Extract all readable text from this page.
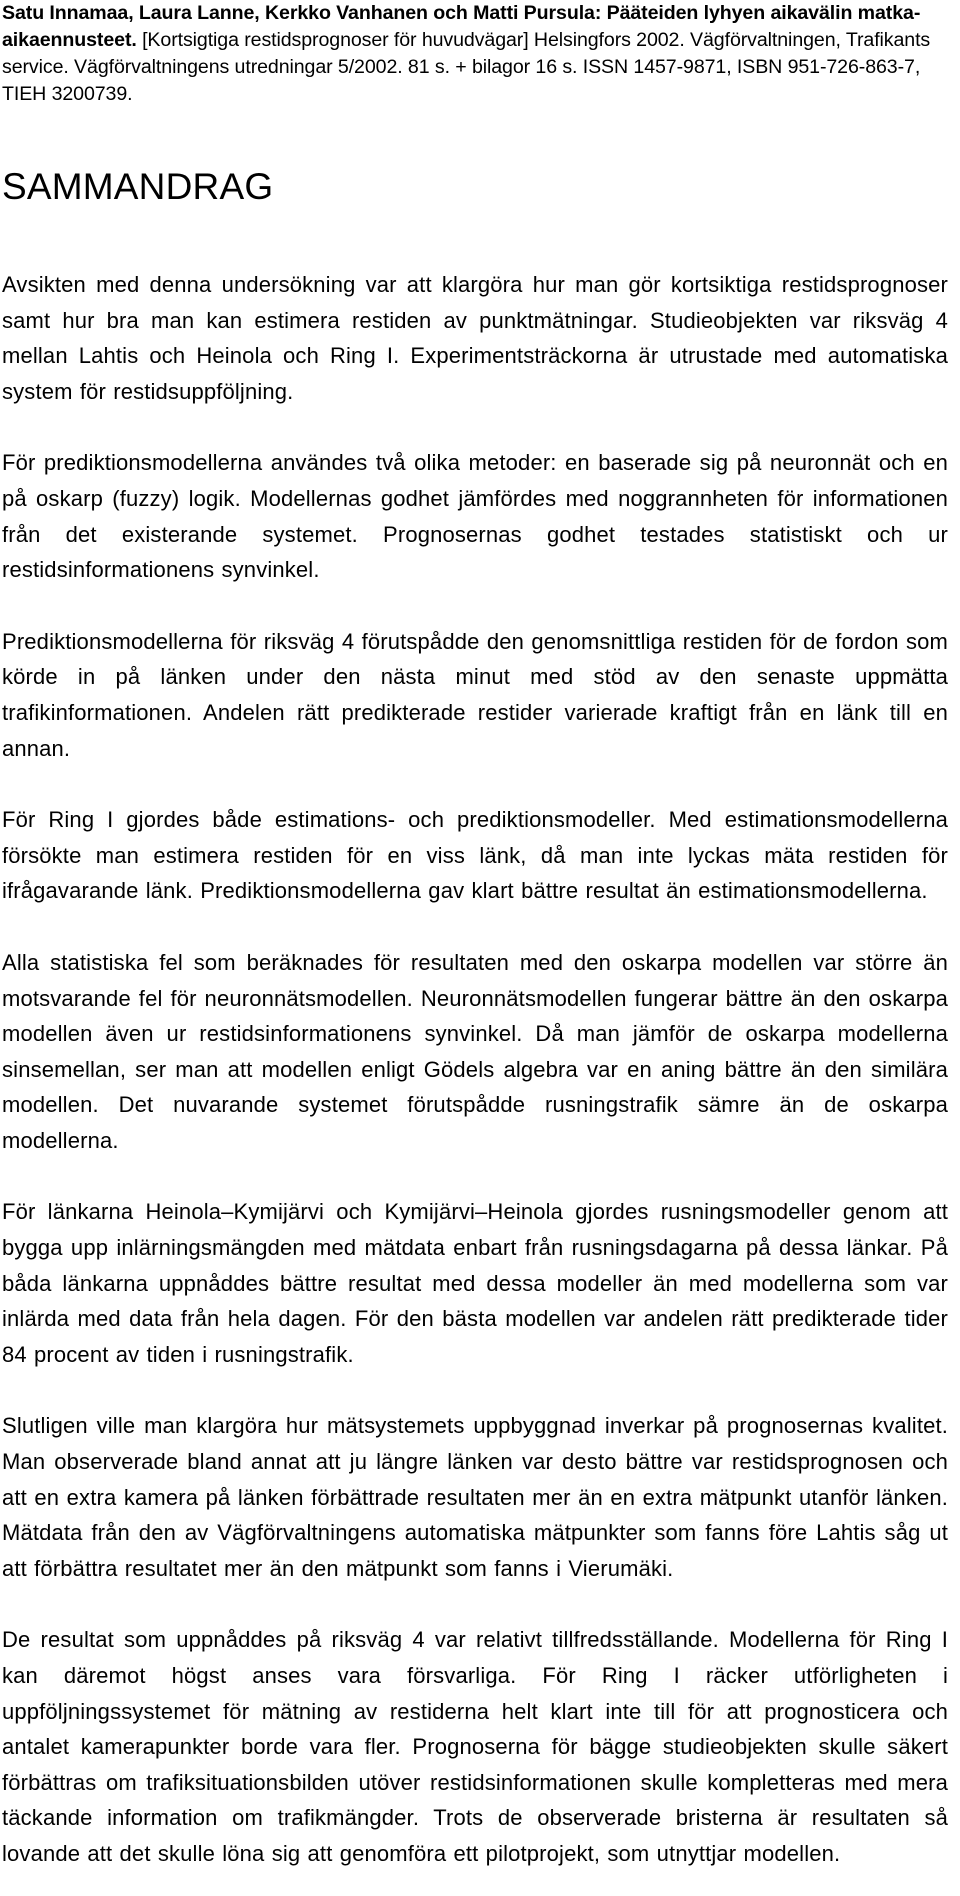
Satu Innamaa, Laura Lanne, Kerkko Vanhanen och Matti Pursula: Pääteiden lyhyen aikavälin matka-aikaennusteet. [Kortsigtiga restidsprognoser för huvudvägar] Helsingfors 2002. Vägförvaltningen, Trafikants service. Vägförvaltningens utredningar 5/2002. 81 s. + bilagor 16 s. ISSN 1457-9871, ISBN 951-726-863-7, TIEH 3200739.

SAMMANDRAG

Avsikten med denna undersökning var att klargöra hur man gör kortsiktiga restidsprognoser samt hur bra man kan estimera restiden av punktmätningar. Studieobjekten var riksväg 4 mellan Lahtis och Heinola och Ring I. Experimentsträckorna är utrustade med automatiska system för restidsuppföljning.

För prediktionsmodellerna användes två olika metoder: en baserade sig på neuronnät och en på oskarp (fuzzy) logik. Modellernas godhet jämfördes med noggrannheten för informationen från det existerande systemet. Prognosernas godhet testades statistiskt och ur restidsinformationens synvinkel.

Prediktionsmodellerna för riksväg 4 förutspådde den genomsnittliga restiden för de fordon som körde in på länken under den nästa minut med stöd av den senaste uppmätta trafikinformationen. Andelen rätt predikterade restider varierade kraftigt från en länk till en annan.

För Ring I gjordes både estimations- och prediktionsmodeller. Med estimationsmodellerna försökte man estimera restiden för en viss länk, då man inte lyckas mäta restiden för ifrågavarande länk. Prediktionsmodellerna gav klart bättre resultat än estimationsmodellerna.

Alla statistiska fel som beräknades för resultaten med den oskarpa modellen var större än motsvarande fel för neuronnätsmodellen. Neuronnätsmodellen fungerar bättre än den oskarpa modellen även ur restidsinformationens synvinkel. Då man jämför de oskarpa modellerna sinsemellan, ser man att modellen enligt Gödels algebra var en aning bättre än den similära modellen. Det nuvarande systemet förutspådde rusningstrafik sämre än de oskarpa modellerna.

För länkarna Heinola–Kymijärvi och Kymijärvi–Heinola gjordes rusningsmodeller genom att bygga upp inlärningsmängden med mätdata enbart från rusningsdagarna på dessa länkar. På båda länkarna uppnåddes bättre resultat med dessa modeller än med modellerna som var inlärda med data från hela dagen. För den bästa modellen var andelen rätt predikterade tider 84 procent av tiden i rusningstrafik.

Slutligen ville man klargöra hur mätsystemets uppbyggnad inverkar på prognosernas kvalitet. Man observerade bland annat att ju längre länken var desto bättre var restidsprognosen och att en extra kamera på länken förbättrade resultaten mer än en extra mätpunkt utanför länken. Mätdata från den av Vägförvaltningens automatiska mätpunkter som fanns före Lahtis såg ut att förbättra resultatet mer än den mätpunkt som fanns i Vierumäki.

De resultat som uppnåddes på riksväg 4 var relativt tillfredsställande. Modellerna för Ring I kan däremot högst anses vara försvarliga. För Ring I räcker utförligheten i uppföljningssystemet för mätning av restiderna helt klart inte till för att prognosticera och antalet kamerapunkter borde vara fler. Prognoserna för bägge studieobjekten skulle säkert förbättras om trafiksituationsbilden utöver restidsinformationen skulle kompletteras med mera täckande information om trafikmängder. Trots de observerade bristerna är resultaten så lovande att det skulle löna sig att genomföra ett pilotprojekt, som utnyttjar modellen.
